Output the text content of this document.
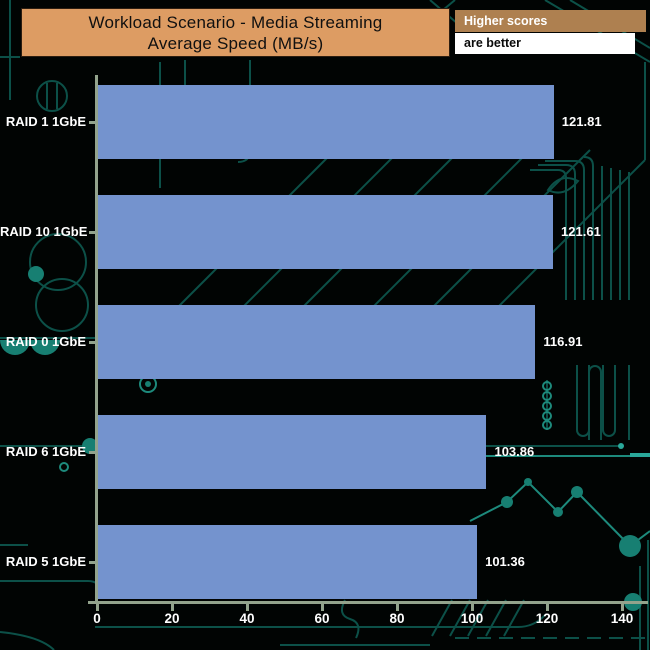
Workload Scenario - Media Streaming
Average Speed (MB/s)
Higher scores
are better
RAID 1 1GbE	121.81
RAID 10 1GbE	121.61
RAID 0 1GbE	116.91
RAID 6 1GbE	103.86
RAID 5 1GbE	101.36
0	20	40	60	80	100	120	140
